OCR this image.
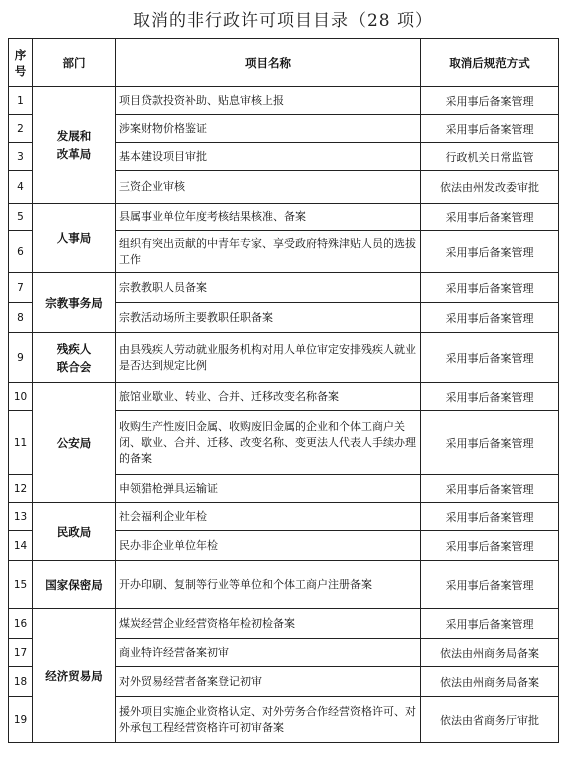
取消的非行政许可项目目录（28 项）
序
号	部门	项目名称	取消后规范方式
1	发展和
改革局	项目贷款投资补助、贴息审核上报	采用事后备案管理
2		涉案财物价格鉴证	采用事后备案管理
3		基本建设项目审批	行政机关日常监管
4		三资企业审核	依法由州发改委审批
5	人事局	县属事业单位年度考核结果核准、备案	采用事后备案管理
6		组织有突出贡献的中青年专家、享受政府特殊津贴人员的选拔工作	采用事后备案管理
7	宗教事务局	宗教教职人员备案	采用事后备案管理
8		宗教活动场所主要教职任职备案	采用事后备案管理
9	残疾人
联合会	由县残疾人劳动就业服务机构对用人单位审定安排残疾人就业是否达到规定比例	采用事后备案管理
10	公安局	旅馆业歇业、转业、合并、迁移改变名称备案	采用事后备案管理
11		收购生产性废旧金属、收购废旧金属的企业和个体工商户关闭、歇业、合并、迁移、改变名称、变更法人代表人手续办理的备案	采用事后备案管理
12		申领猎枪弹具运输证	采用事后备案管理
13	民政局	社会福利企业年检	采用事后备案管理
14		民办非企业单位年检	采用事后备案管理
15	国家保密局	开办印刷、复制等行业等单位和个体工商户注册备案	采用事后备案管理
16	经济贸易局	煤炭经营企业经营资格年检初检备案	采用事后备案管理
17		商业特许经营备案初审	依法由州商务局备案
18		对外贸易经营者备案登记初审	依法由州商务局备案
19		援外项目实施企业资格认定、对外劳务合作经营资格许可、对外承包工程经营资格许可初审备案	依法由省商务厅审批
